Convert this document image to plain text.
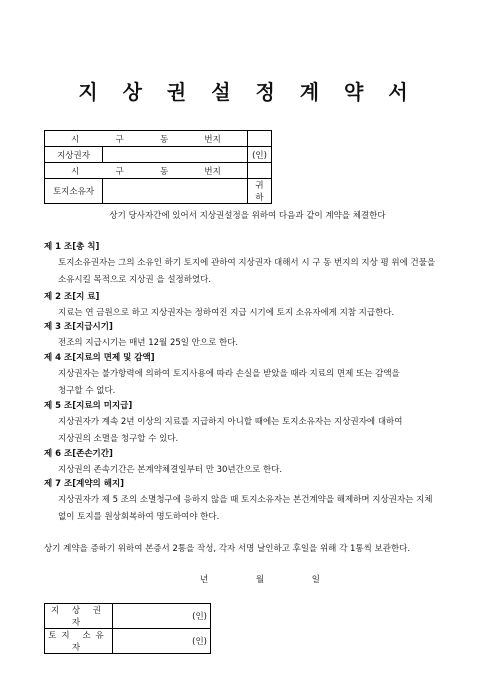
지 상 권 설 정 계 약 서
시 구 동 번지		

지상권자		(인)

시 구 동 번지		

토지소유자		귀 하
상기 당사자간에 있어서 지상권설정을 위하여 다음과 같이 계약을 체결한다
제 1 조[총 칙]
토지소유권자는 그의 소유인 하기 토지에 관하여 지상권자 대해서 시 구 동 번지의 지상 평 위에 건물을
소유시킬 목적으로 지상권 을 설정하였다.
제 2 조[지 료]
지료는 연 금원으로 하고 지상권자는 정하여진 지급 시기에 토지 소유자에게 지참 지급한다.
제 3 조[지급시기]
전조의 지급시기는 매년 12월 25일 안으로 한다.
제 4 조[지료의 면제 및 감액]
지상권자는 불가항력에 의하여 토지사용에 따라 손실을 받았을 때라 지료의 면제 또는 감액을
청구할 수 없다.
제 5 조[지료의 미지급]
지상권자가 계속 2년 이상의 지료를 지급하지 아니할 때에는 토지소유자는 지상권자에 대하여
지상권의 소멸을 청구할 수 있다.
제 6 조[존손기간]
지상권의 존속기간은 본계약체결일부터 만 30년간으로 한다.
제 7 조[계약의 해지]
지상권자가 제 5 조의 소멸청구에 응하지 않을 때 토지소유자는 본건계약을 해제하며 지상권자는 지체
없이 토지를 원상회복하여 명도하여야 한다.
상기 계약을 증하기 위하여 본증서 2통을 작성, 각자 서명 날인하고 후일을 위해 각 1통씩 보관한다.
년	월	일
지 상 권 자	(인)
토지 소유자	(인)
